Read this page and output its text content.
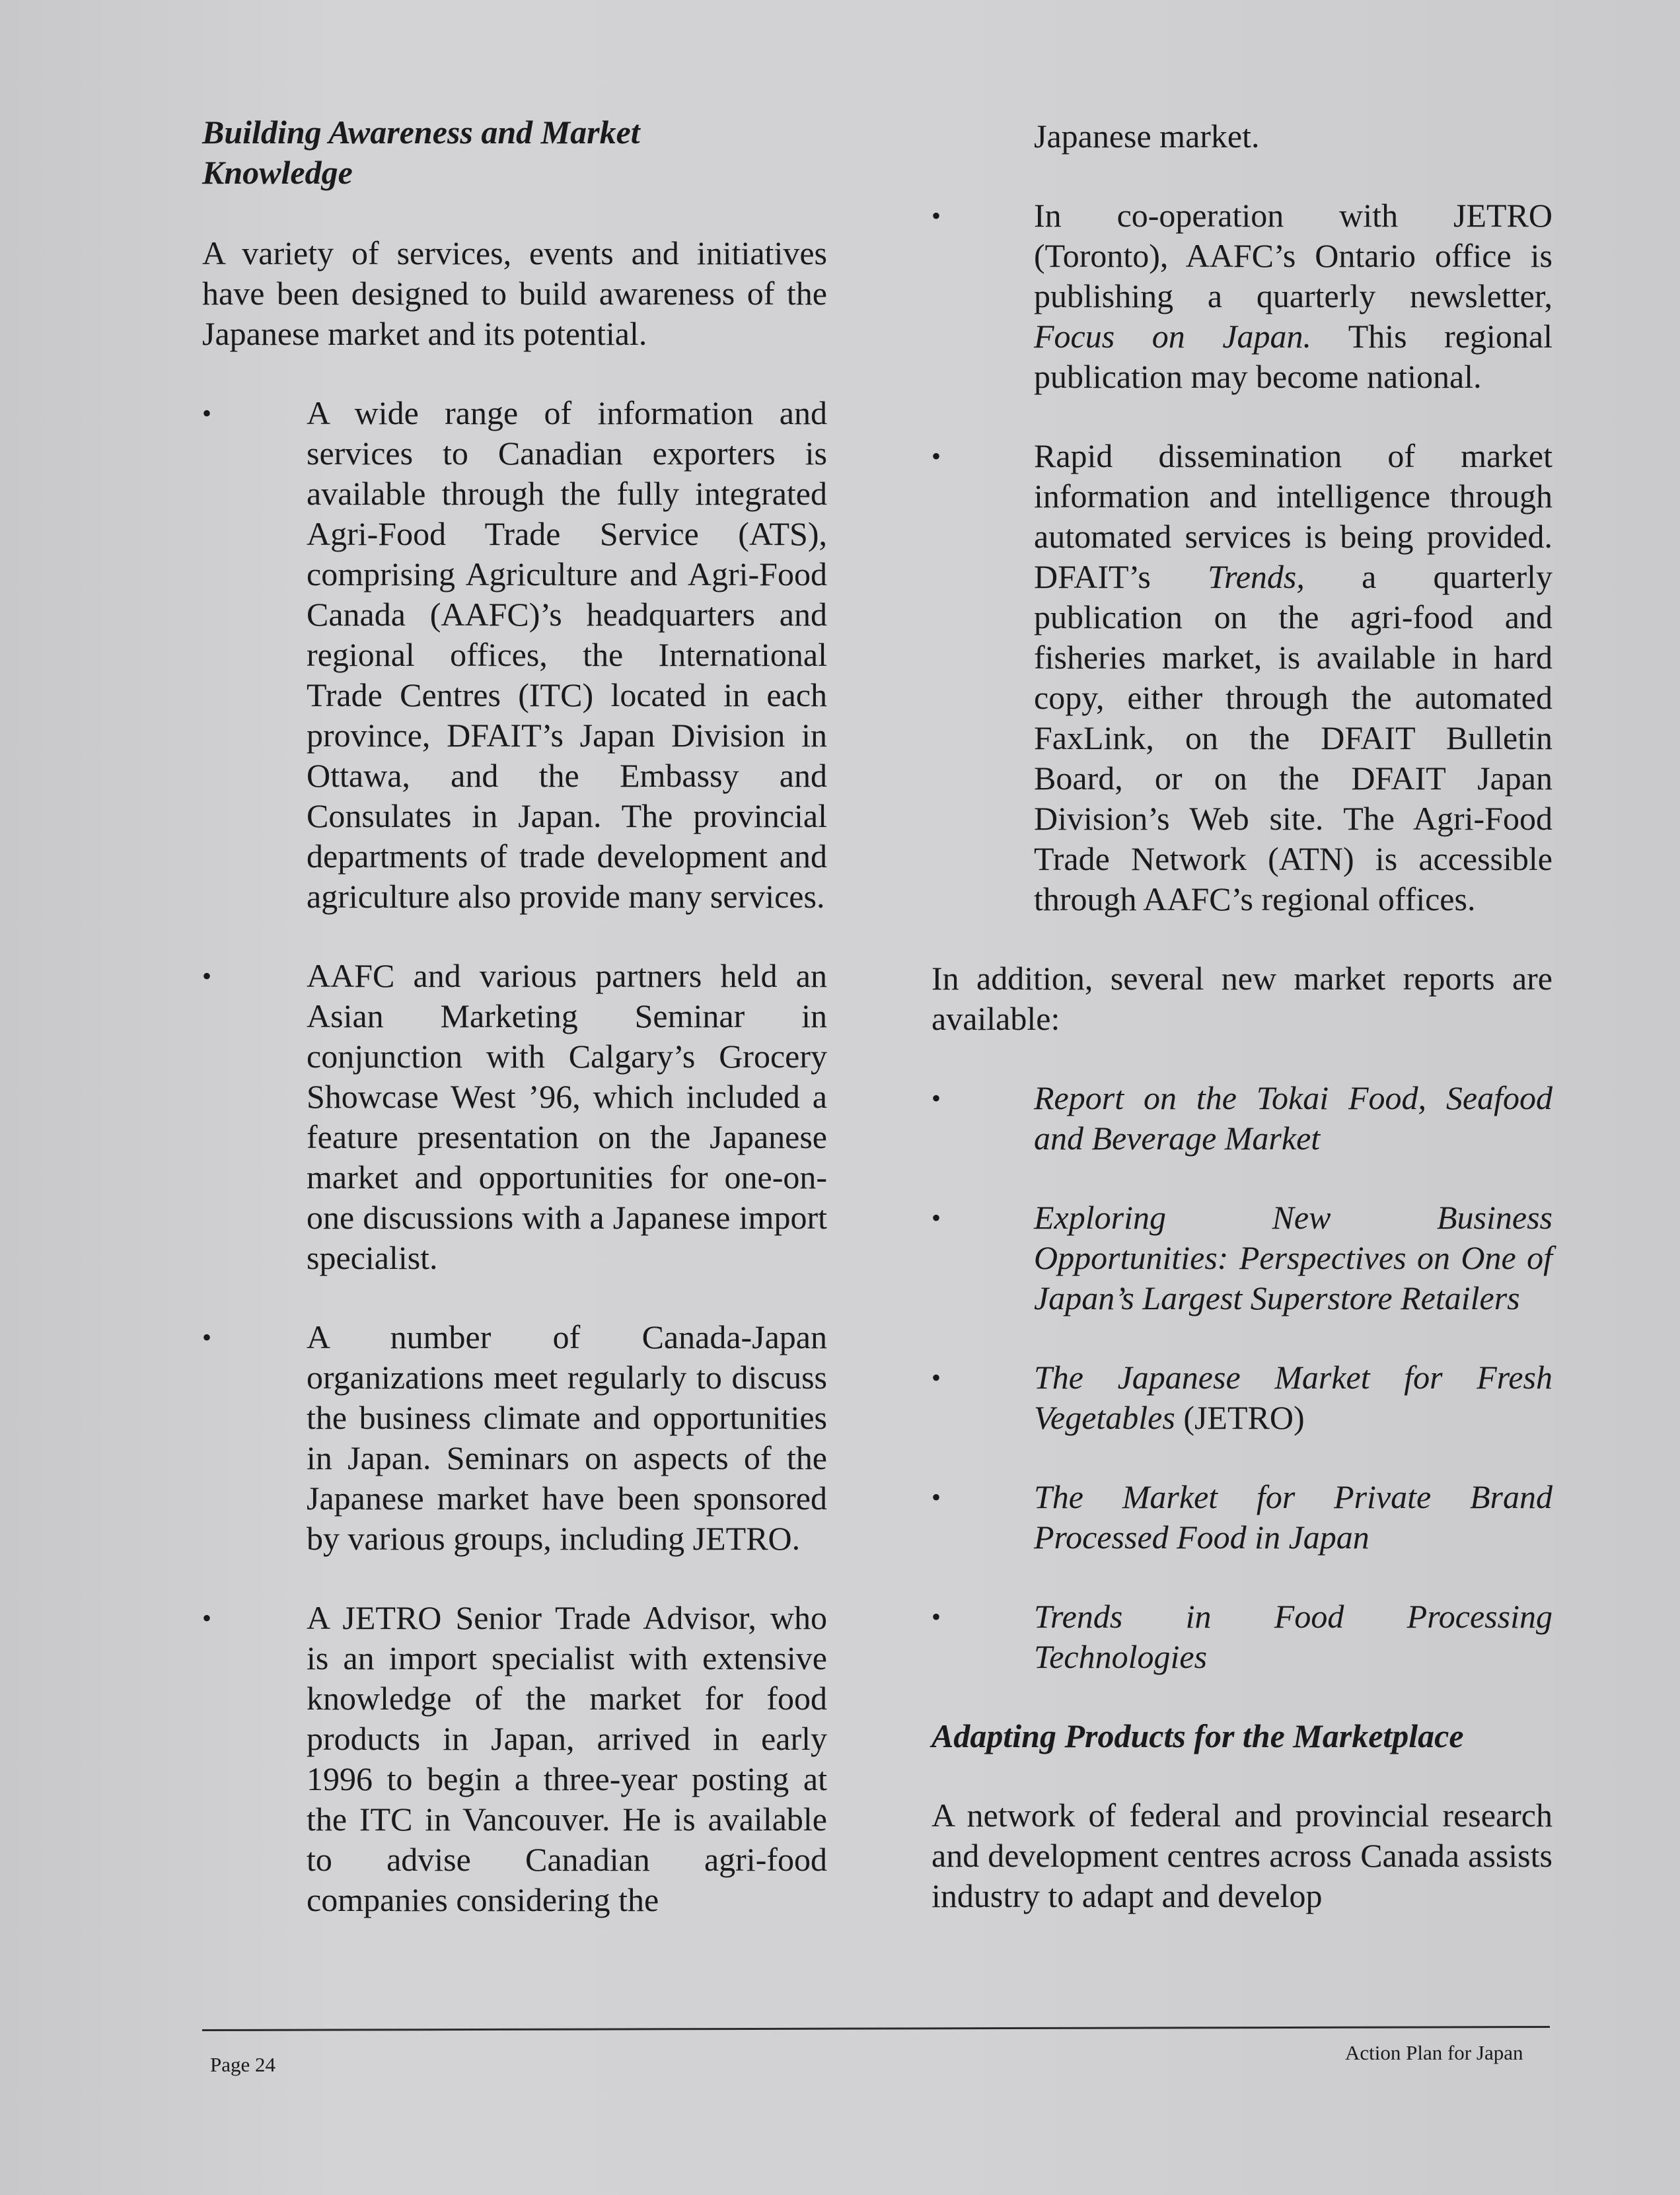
Building Awareness and Market Knowledge

A variety of services, events and initiatives have been designed to build awareness of the Japanese market and its potential.

•	A wide range of information and services to Canadian exporters is available through the fully integrated Agri-Food Trade Service (ATS), comprising Agriculture and Agri-Food Canada (AAFC)’s headquarters and regional offices, the International Trade Centres (ITC) located in each province, DFAIT’s Japan Division in Ottawa, and the Embassy and Consulates in Japan. The provincial departments of trade development and agriculture also provide many services.
•	AAFC and various partners held an Asian Marketing Seminar in conjunction with Calgary’s Grocery Showcase West ’96, which included a feature presentation on the Japanese market and opportunities for one-on-one discussions with a Japanese import specialist.
•	A number of Canada-Japan organizations meet regularly to discuss the business climate and opportunities in Japan. Seminars on aspects of the Japanese market have been sponsored by various groups, including JETRO.
•	A JETRO Senior Trade Advisor, who is an import specialist with extensive knowledge of the market for food products in Japan, arrived in early 1996 to begin a three-year posting at the ITC in Vancouver. He is available to advise Canadian agri-food companies considering the

Japanese market.

•	In co-operation with JETRO (Toronto), AAFC’s Ontario office is publishing a quarterly newsletter, Focus on Japan. This regional publication may become national.
•	Rapid dissemination of market information and intelligence through automated services is being provided. DFAIT’s Trends, a quarterly publication on the agri-food and fisheries market, is available in hard copy, either through the automated FaxLink, on the DFAIT Bulletin Board, or on the DFAIT Japan Division’s Web site. The Agri-Food Trade Network (ATN) is accessible through AAFC’s regional offices.

In addition, several new market reports are available:

•	Report on the Tokai Food, Seafood and Beverage Market
•	Exploring New Business Opportunities: Perspectives on One of Japan’s Largest Superstore Retailers
•	The Japanese Market for Fresh Vegetables (JETRO)
•	The Market for Private Brand Processed Food in Japan
•	Trends in Food Processing Technologies
Adapting Products for the Marketplace

A network of federal and provincial research and development centres across Canada assists industry to adapt and develop

Page 24
Action Plan for Japan
